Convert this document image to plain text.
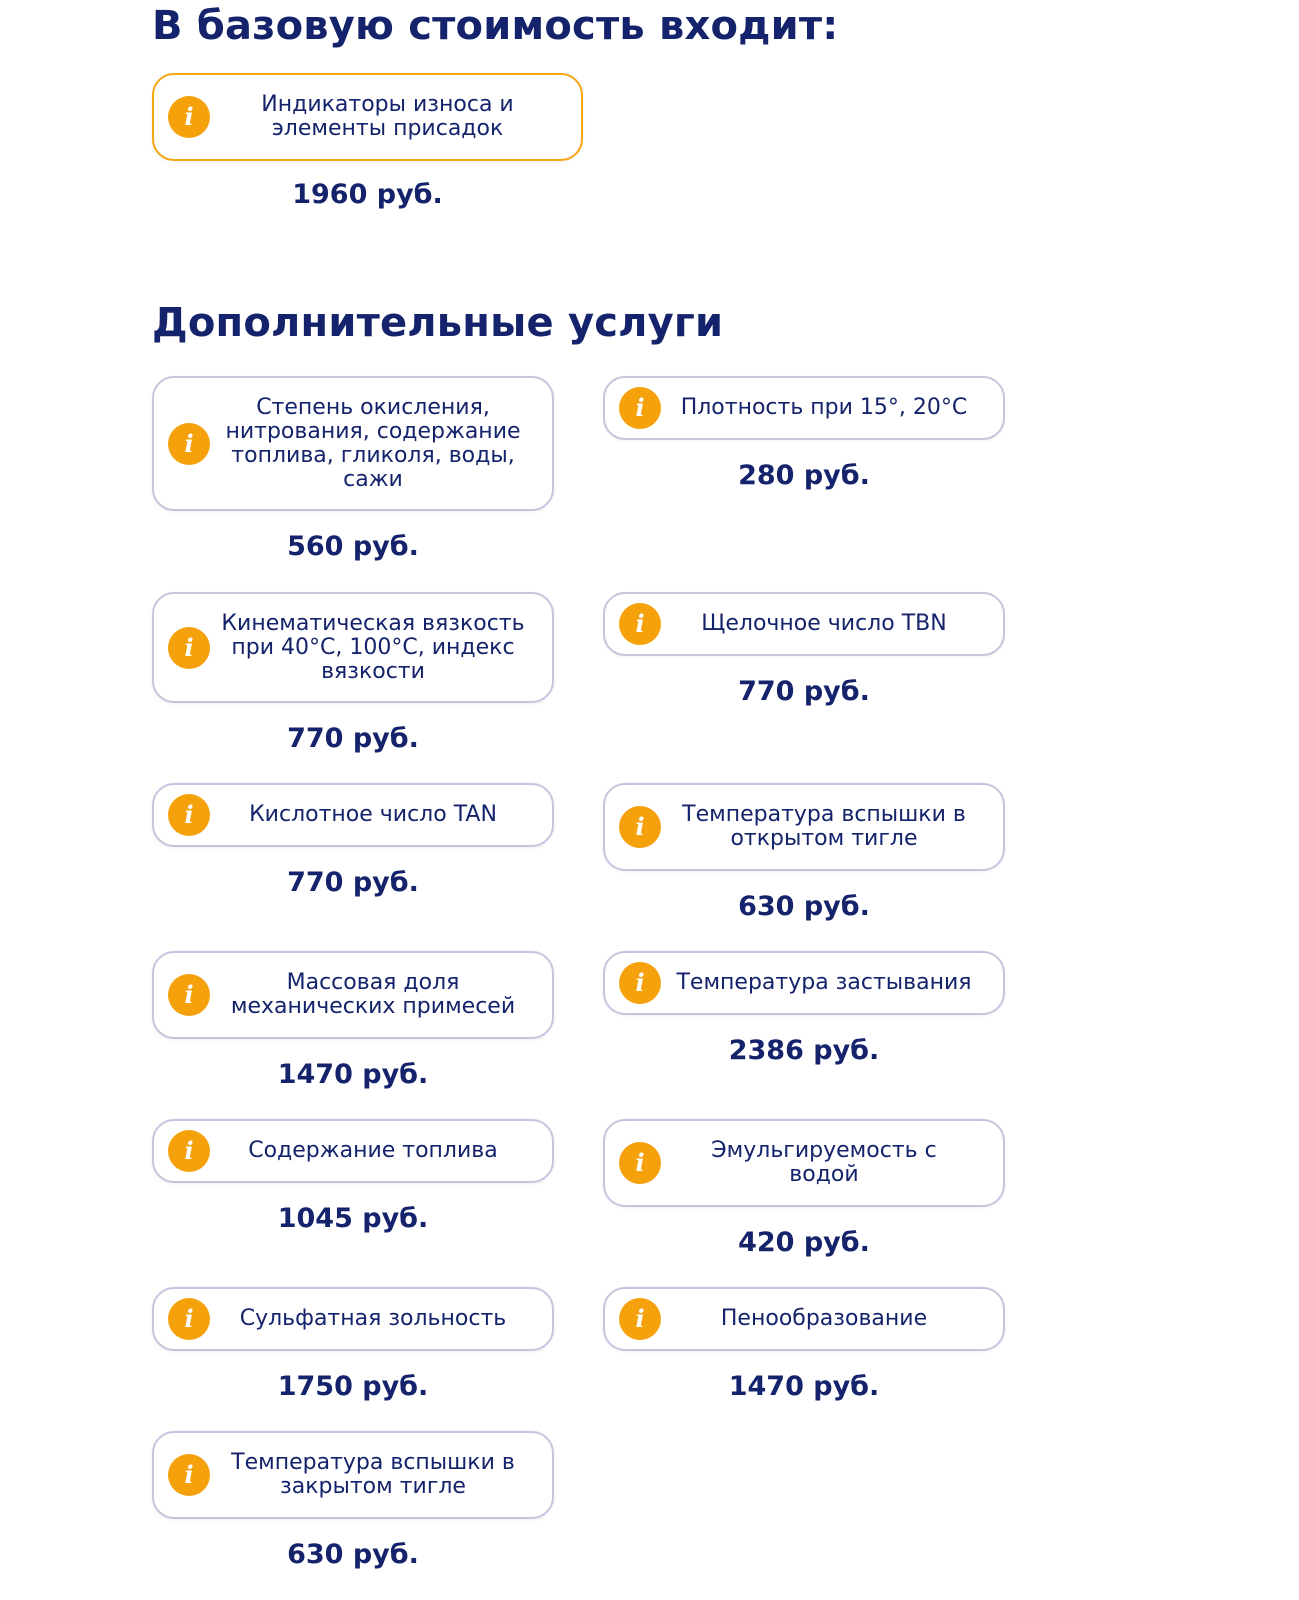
В базовую стоимость входит:
i	Индикаторы износа и элементы присадок
1960 руб.
Дополнительные услуги
i
Степень окисления, нитрования, содержание топлива, гликоля, воды, сажи
560 руб.
i Плотность при 15°, 20°С
280 руб.
i
Кинематическая вязкость при 40°С, 100°С, индекс вязкости
770 руб.
i	Щелочное число TBN
770 руб.
i	Кислотное число TAN
770 руб.
i	Температура вспышки в открытом тигле
630 руб.
i	Массовая доля механических примесей
1470 руб.
i Температура застывания
2386 руб.
i Содержание топлива
1045 руб.
i	Эмульгируемость с водой
420 руб.
i Сульфатная зольность
1750 руб.
i	Пенообразование
1470 руб.
i	Температура вспышки в закрытом тигле
630 руб.
